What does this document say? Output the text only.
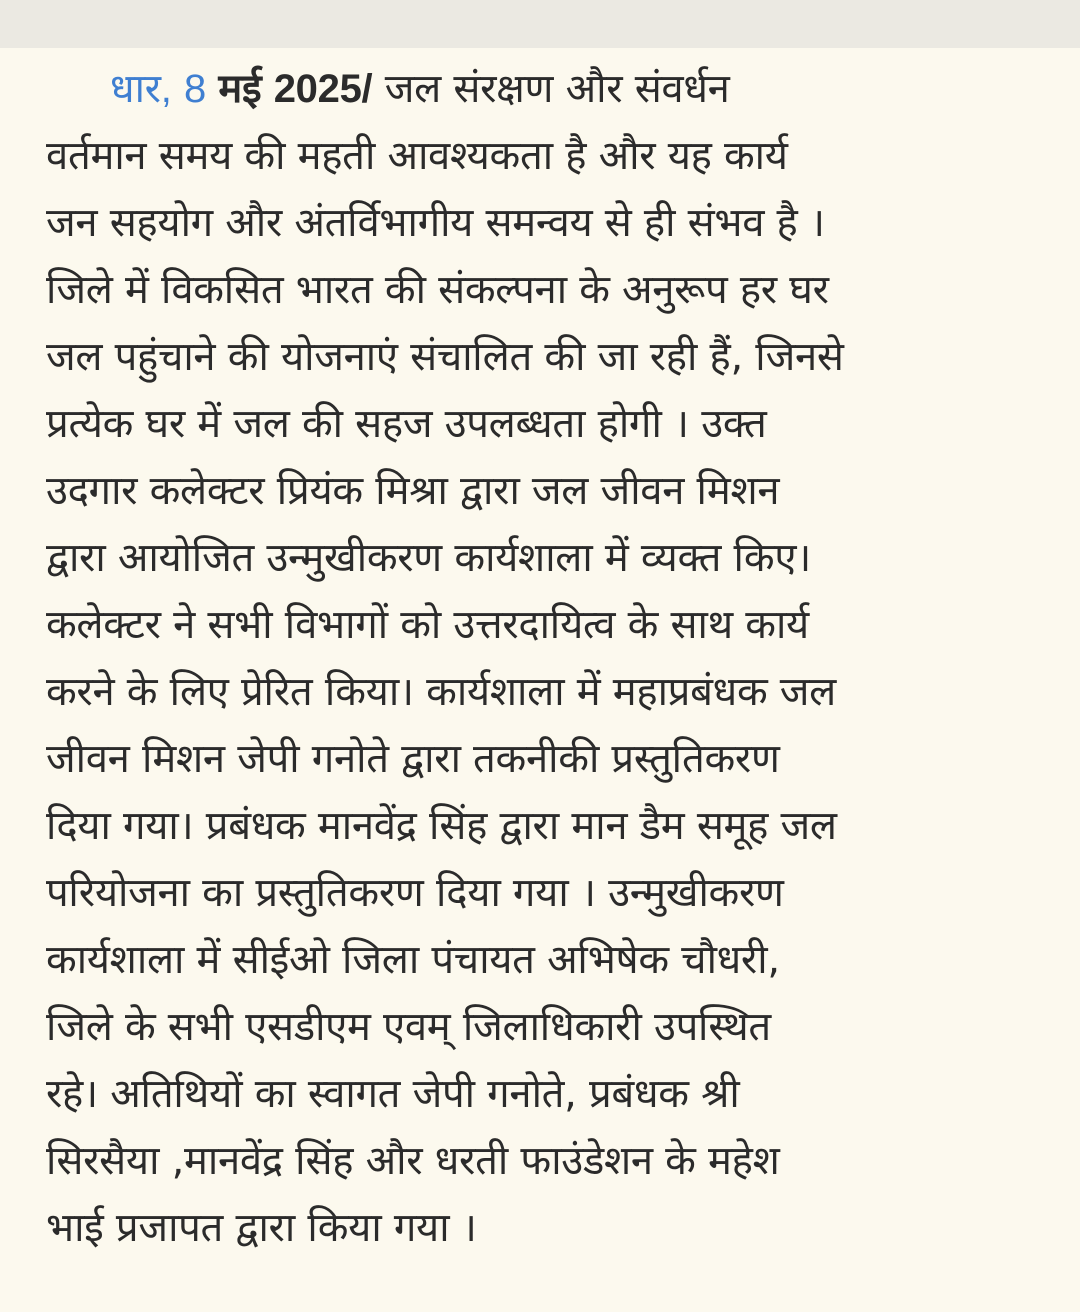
धार, 8 मई 2025/ जल संरक्षण और संवर्धन
वर्तमान समय की महती आवश्यकता है और यह कार्य
जन सहयोग और अंतर्विभागीय समन्वय से ही संभव है ।
जिले में विकसित भारत की संकल्पना के अनुरूप हर घर
जल पहुंचाने की योजनाएं संचालित की जा रही हैं, जिनसे
प्रत्येक घर में जल की सहज उपलब्धता होगी । उक्त
उदगार कलेक्टर प्रियंक मिश्रा द्वारा जल जीवन मिशन
द्वारा आयोजित उन्मुखीकरण कार्यशाला में व्यक्त किए।
कलेक्टर ने सभी विभागों को उत्तरदायित्व के साथ कार्य
करने के लिए प्रेरित किया। कार्यशाला में महाप्रबंधक जल
जीवन मिशन जेपी गनोते द्वारा तकनीकी प्रस्तुतिकरण
दिया गया। प्रबंधक मानवेंद्र सिंह द्वारा मान डैम समूह जल
परियोजना का प्रस्तुतिकरण दिया गया । उन्मुखीकरण
कार्यशाला में सीईओ जिला पंचायत अभिषेक चौधरी,
जिले के सभी एसडीएम एवम् जिलाधिकारी उपस्थित
रहे। अतिथियों का स्वागत जेपी गनोते, प्रबंधक श्री
सिरसैया ,मानवेंद्र सिंह और धरती फाउंडेशन के महेश
भाई प्रजापत द्वारा किया गया ।
